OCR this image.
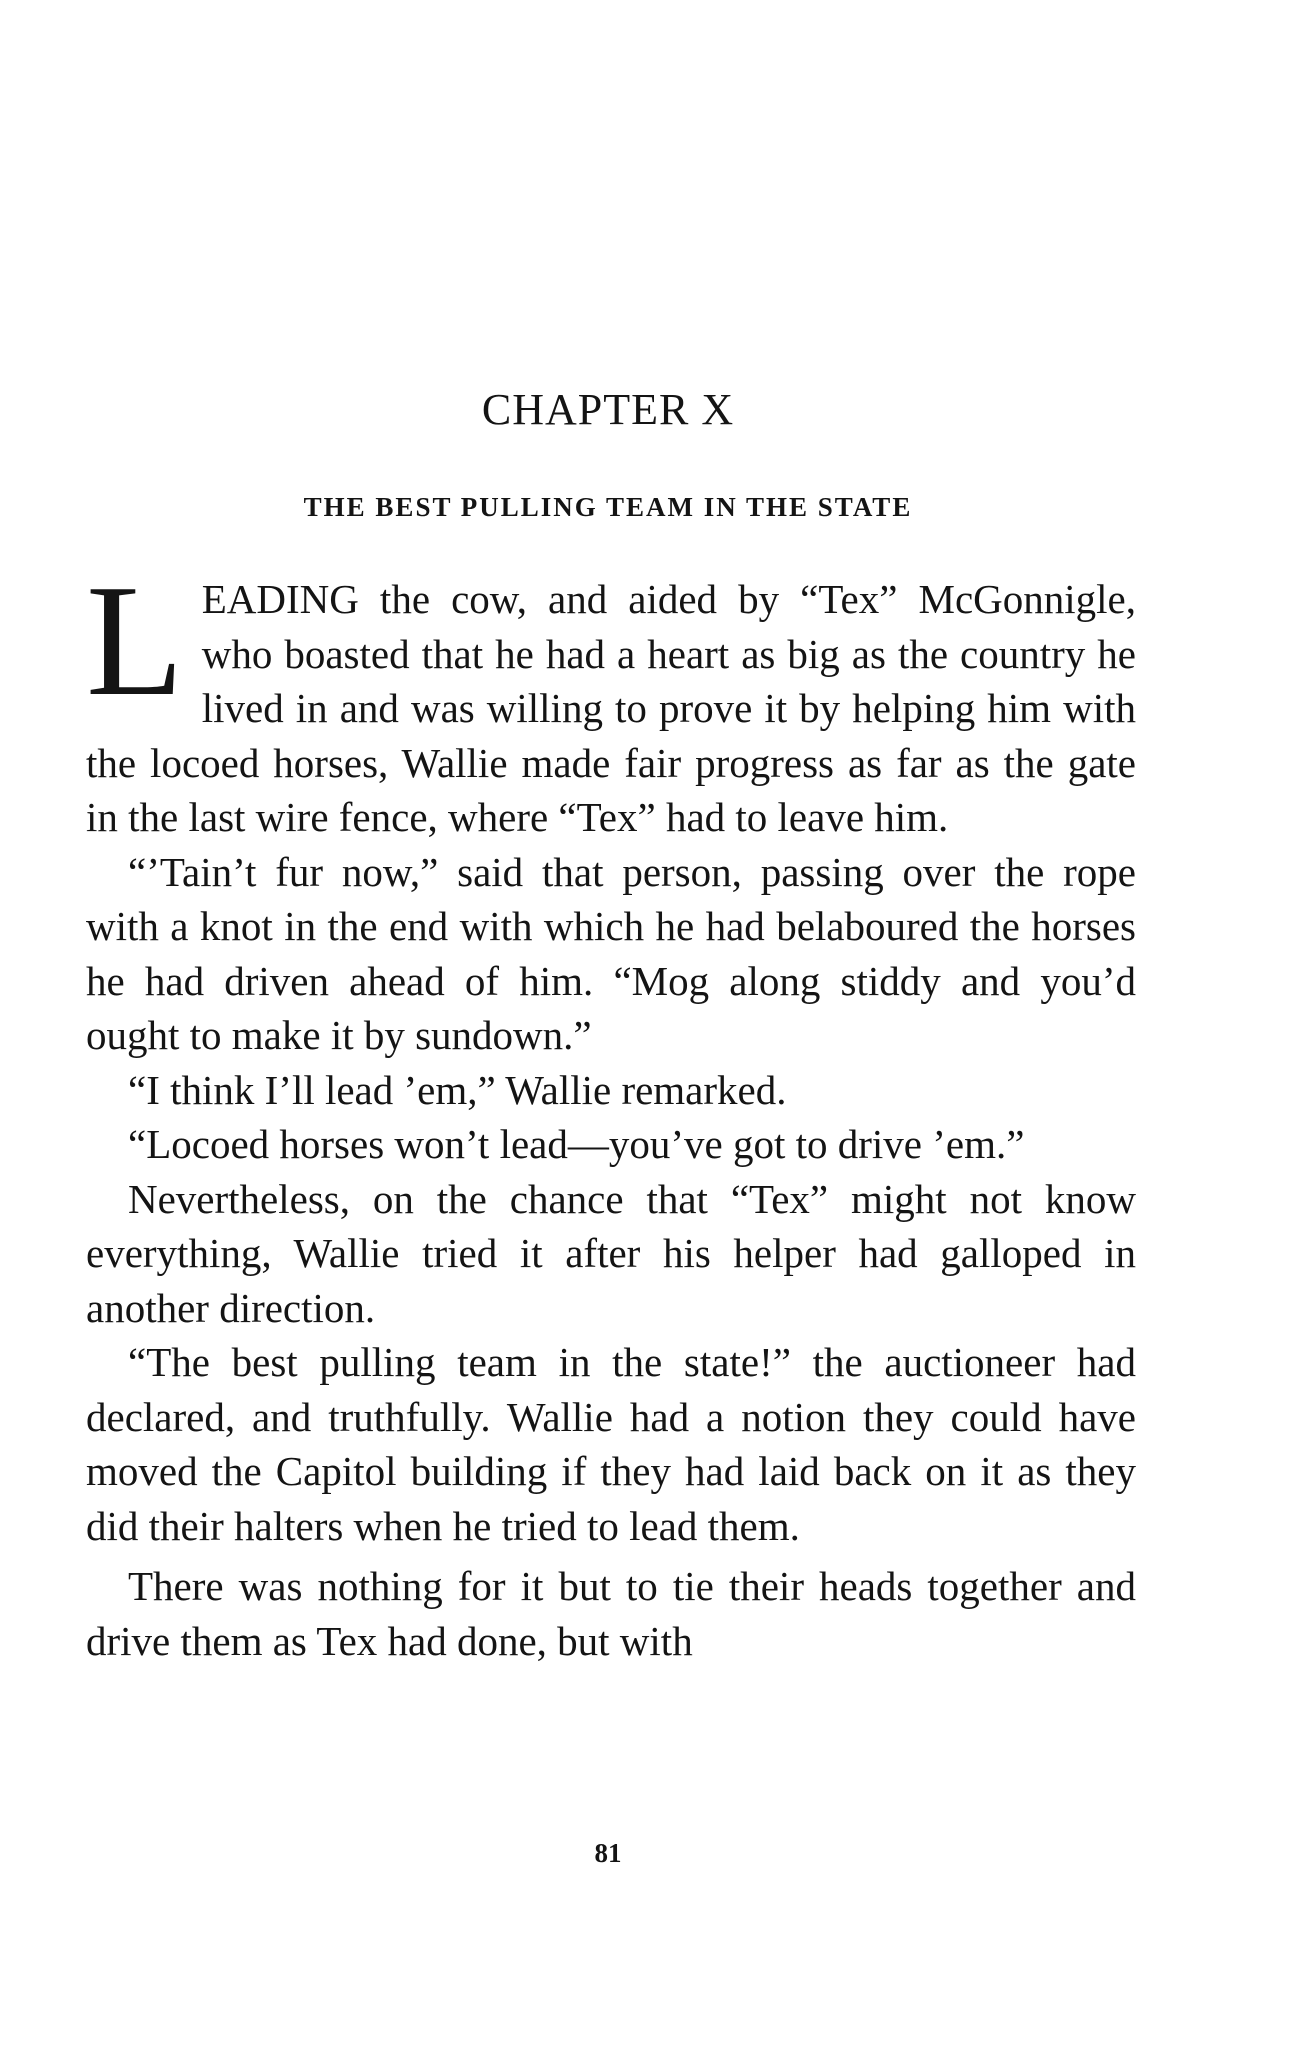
CHAPTER X
THE BEST PULLING TEAM IN THE STATE

LEADING the cow, and aided by “Tex” McGonnigle, who boasted that he had a heart as big as the country he lived in and was willing to prove it by helping him with the locoed horses, Wallie made fair progress as far as the gate in the last wire fence, where “Tex” had to leave him.

“’Tain’t fur now,” said that person, passing over the rope with a knot in the end with which he had belaboured the horses he had driven ahead of him. “Mog along stiddy and you’d ought to make it by sundown.”

“I think I’ll lead ’em,” Wallie remarked.

“Locoed horses won’t lead—you’ve got to drive ’em.”

Nevertheless, on the chance that “Tex” might not know everything, Wallie tried it after his helper had galloped in another direction.

“The best pulling team in the state!” the auctioneer had declared, and truthfully. Wallie had a notion they could have moved the Capitol building if they had laid back on it as they did their halters when he tried to lead them.

There was nothing for it but to tie their heads together and drive them as Tex had done, but with

81
